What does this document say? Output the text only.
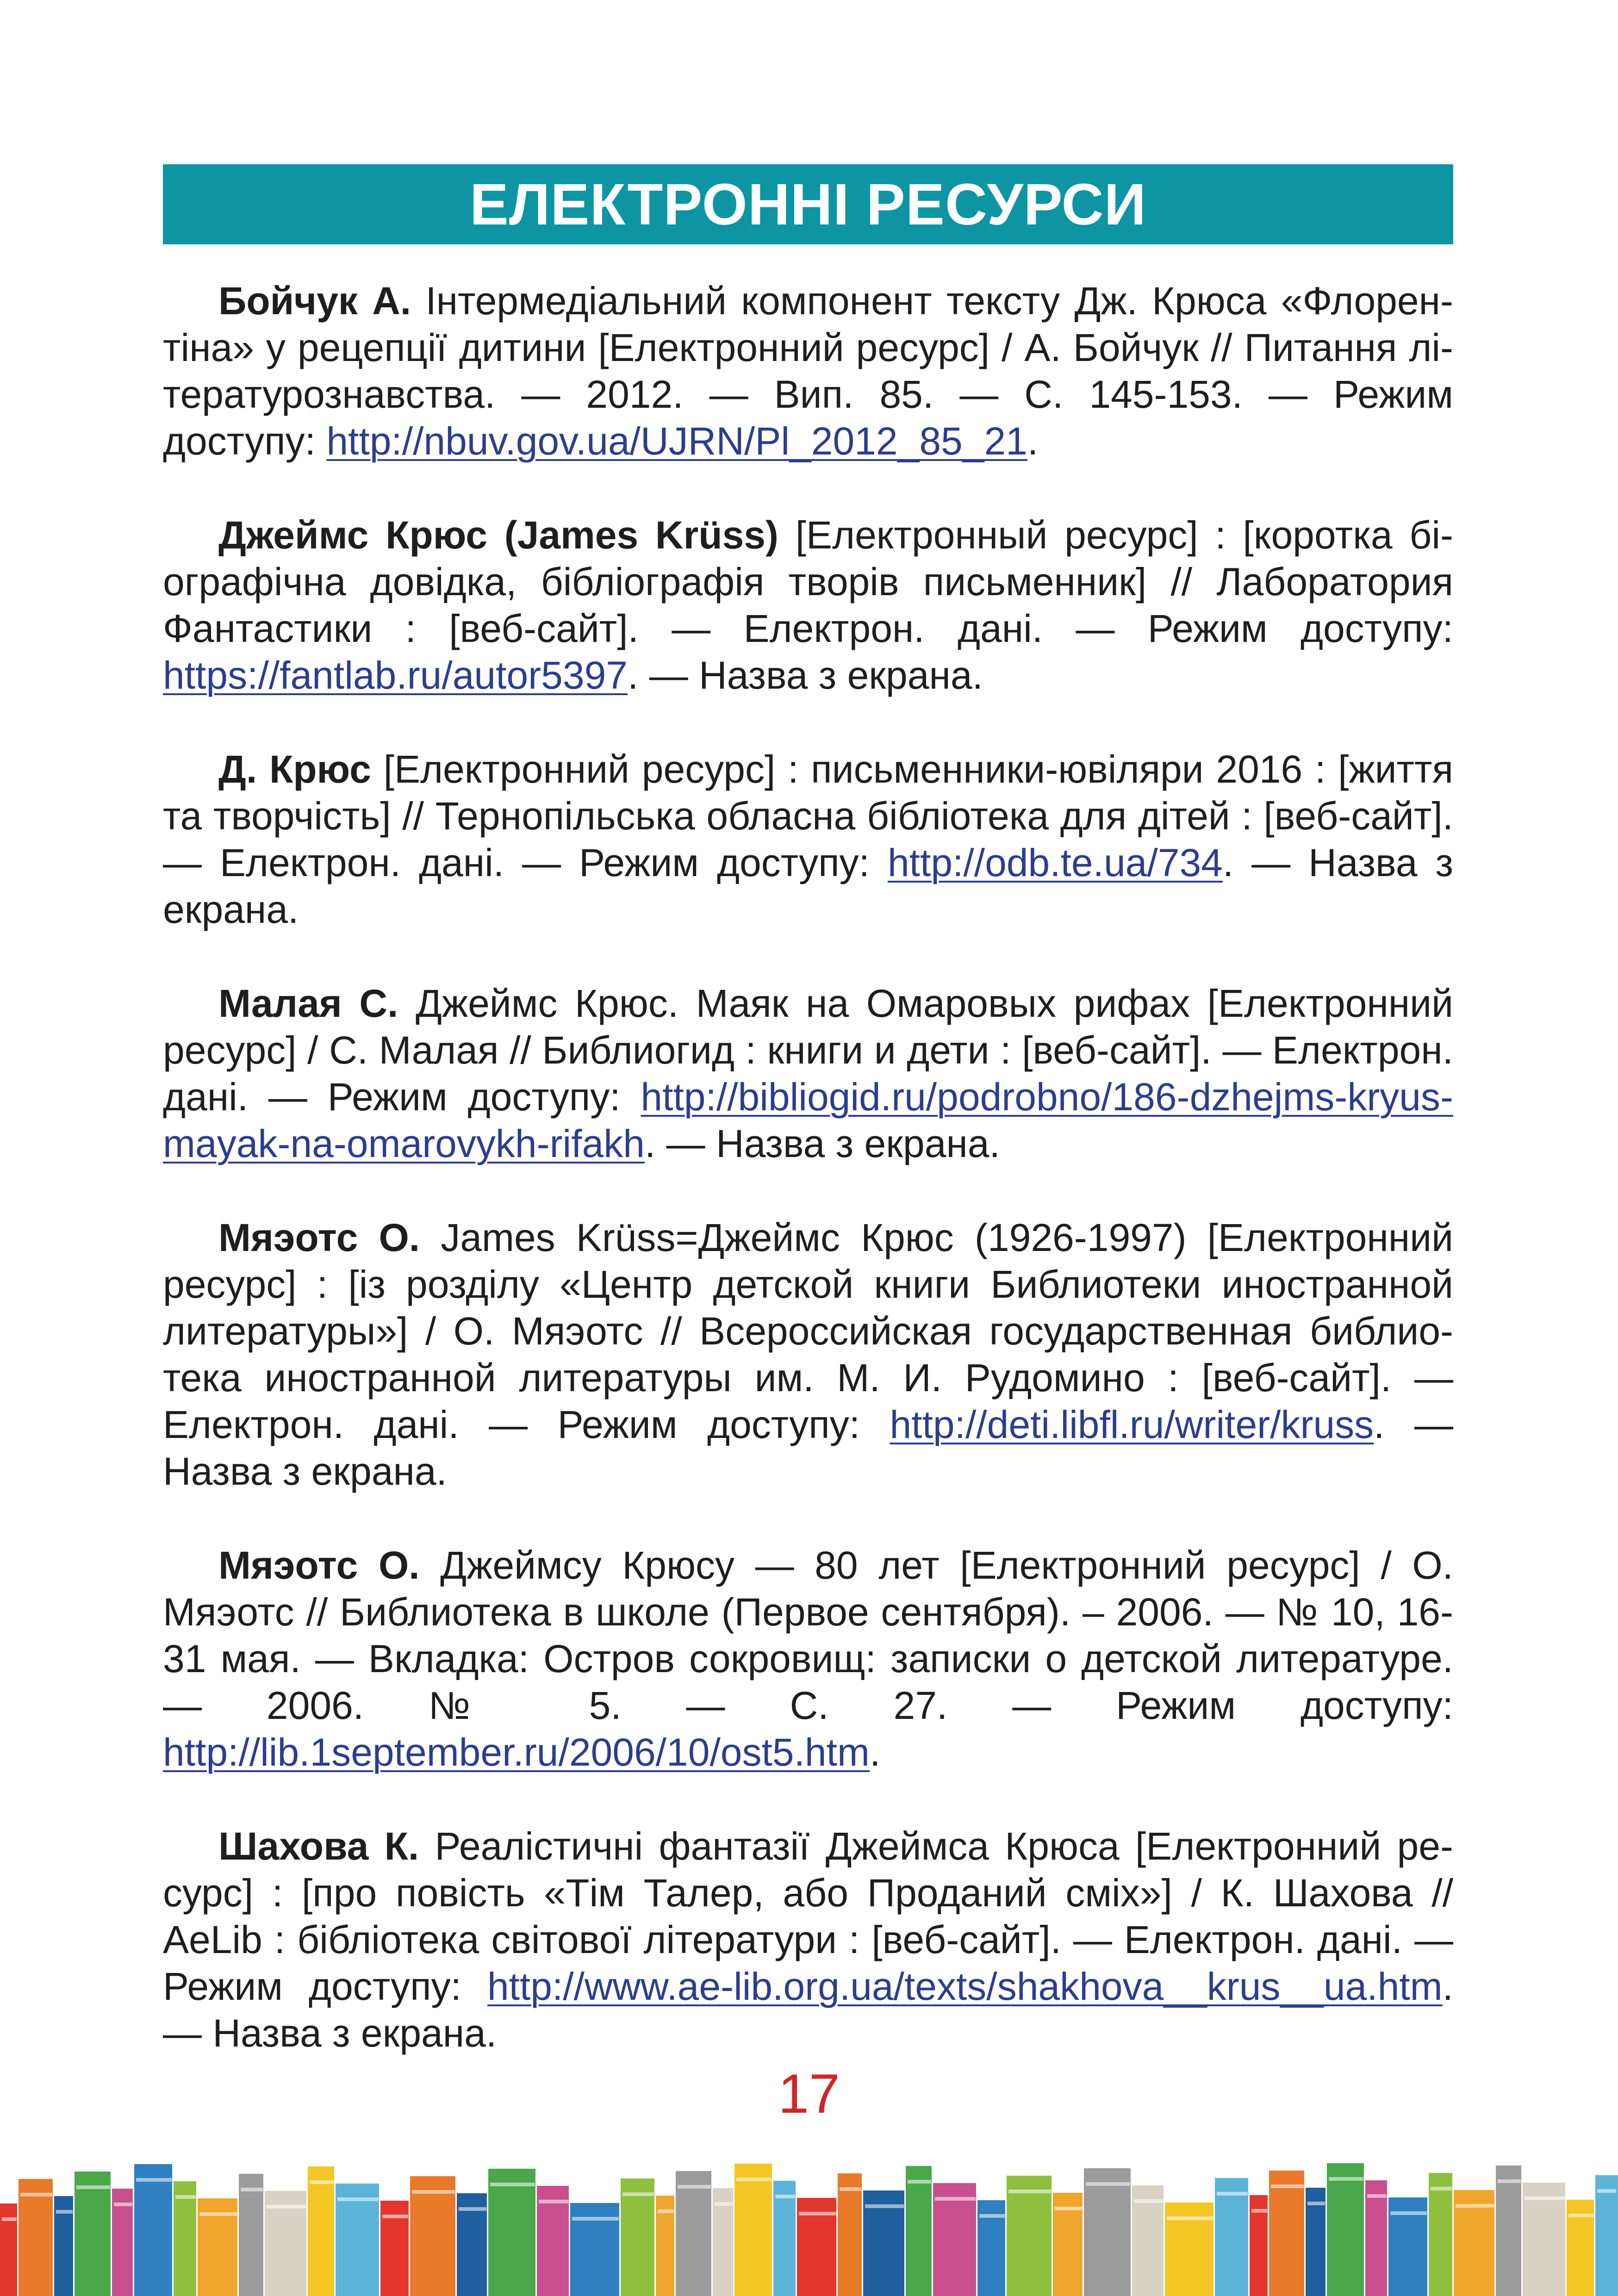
ЕЛЕКТРОННІ РЕСУРСИ

Бойчук А. Інтермедіальний компонент тексту Дж. Крюса «Флорентіна» у рецепції дитини [Електронний ресурс] / А. Бойчук // Питання літературознавства. — 2012. — Вип. 85. — С. 145-153. — Режим доступу: http://nbuv.gov.ua/UJRN/Pl_2012_85_21.

Джеймс Крюс (James Krüss) [Електронный ресурс] : [коротка біографічна довідка, бібліографія творів письменник] // Лаборатория Фантастики : [веб-сайт]. — Електрон. дані. — Режим доступу: https://fantlab.ru/autor5397. — Назва з екрана.

Д. Крюс [Електронний ресурс] : письменники-ювіляри 2016 : [життя та творчість] // Тернопільська обласна бібліотека для дітей : [веб-сайт]. — Електрон. дані. — Режим доступу: http://odb.te.ua/734. — Назва з екрана.

Малая С. Джеймс Крюс. Маяк на Омаровых рифах [Електронний ресурс] / С. Малая // Библиогид : книги и дети : [веб-сайт]. — Електрон. дані. — Режим доступу: http://bibliogid.ru/podrobno/186-dzhejms-kryus-mayak-na-omarovykh-rifakh. — Назва з екрана.

Мяэотс О. James Krüss=Джеймс Крюс (1926-1997) [Електронний ресурс] : [із розділу «Центр детской книги Библиотеки иностранной литературы»] / О. Мяэотс // Всероссийская государственная библиотека иностранной литературы им. М. И. Рудомино : [веб-сайт]. — Електрон. дані. — Режим доступу: http://deti.libfl.ru/writer/kruss. — Назва з екрана.

Мяэотс О. Джеймсу Крюсу — 80 лет [Електронний ресурс] / О. Мяэотс // Библиотека в школе (Первое сентября). – 2006. — № 10, 16-31 мая. — Вкладка: Остров сокровищ: записки о детской литературе. — 2006. № 5. — С. 27. — Режим доступу: http://lib.1september.ru/2006/10/ost5.htm.

Шахова К. Реалістичні фантазії Джеймса Крюса [Електронний ресурс] : [про повість «Тім Талер, або Проданий сміх»] / К. Шахова // AeLib : бібліотека світової літератури : [веб-сайт]. — Електрон. дані. — Режим доступу: http://www.ae-lib.org.ua/texts/shakhova__krus__ua.htm. — Назва з екрана.

17
